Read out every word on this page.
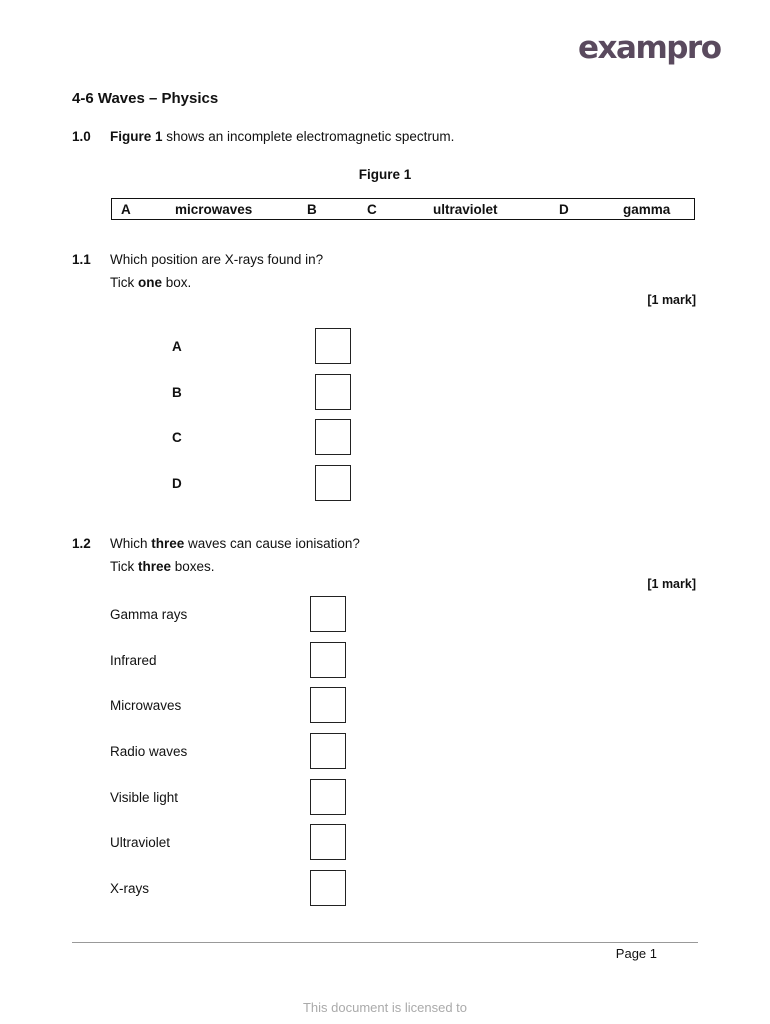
exampro
4-6 Waves – Physics
1.0 Figure 1 shows an incomplete electromagnetic spectrum.
Figure 1
A	microwaves	B	C	ultraviolet	D	gamma
1.1 Which position are X-rays found in?
Tick one box.
[1 mark]
A
B
C
D
1.2 Which three waves can cause ionisation?
Tick three boxes.
[1 mark]
Gamma rays
Infrared
Microwaves
Radio waves
Visible light
Ultraviolet
X-rays
Page 1
This document is licensed to
